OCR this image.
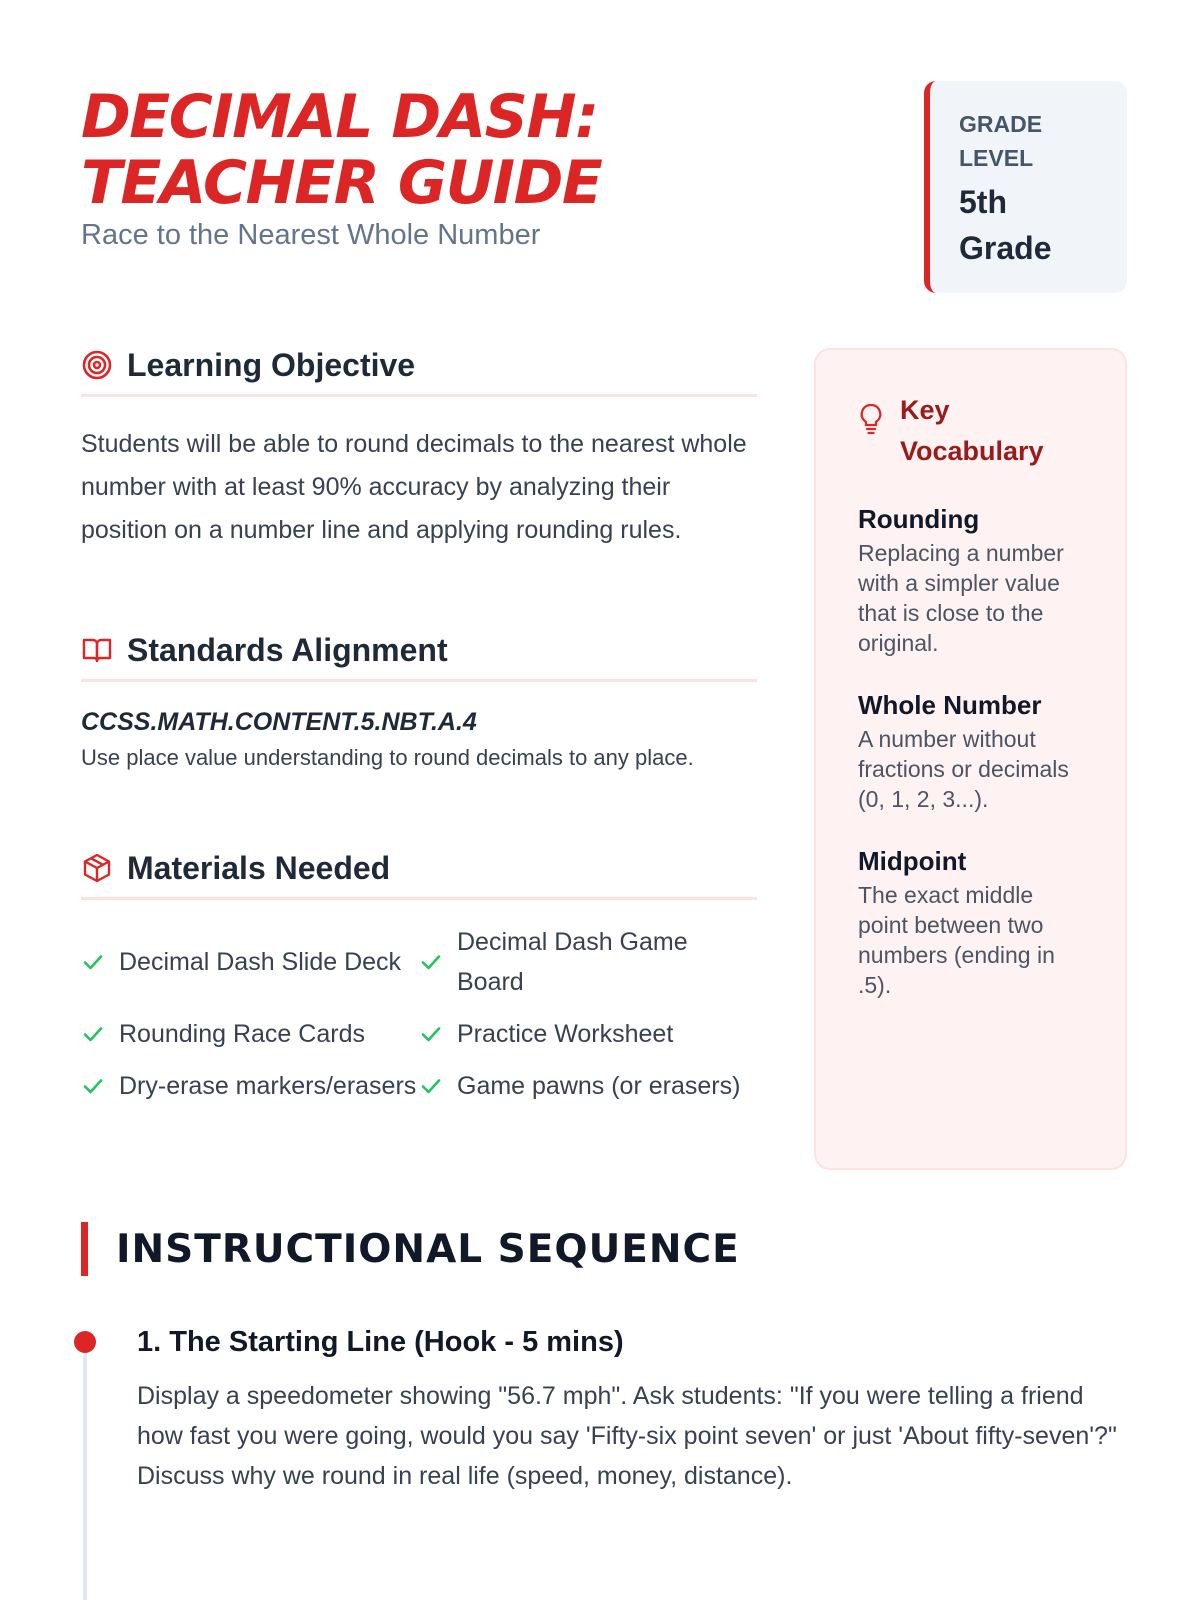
DECIMAL DASH: TEACHER GUIDE
Race to the Nearest Whole Number
GRADE LEVEL
5th Grade
Learning Objective
Students will be able to round decimals to the nearest whole number with at least 90% accuracy by analyzing their position on a number line and applying rounding rules.
Standards Alignment
CCSS.MATH.CONTENT.5.NBT.A.4
Use place value understanding to round decimals to any place.
Materials Needed
Decimal Dash Slide Deck
Decimal Dash Game Board
Rounding Race Cards	Practice Worksheet
Dry-erase markers/erasers Game pawns (or erasers)
Key Vocabulary
Rounding
Replacing a number with a simpler value that is close to the original.
Whole Number
A number without fractions or decimals (0, 1, 2, 3...).
Midpoint
The exact middle point between two numbers (ending in .5).
INSTRUCTIONAL SEQUENCE
1. The Starting Line (Hook - 5 mins)
Display a speedometer showing "56.7 mph". Ask students: "If you were telling a friend how fast you were going, would you say 'Fifty-six point seven' or just 'About fifty-seven'?" Discuss why we round in real life (speed, money, distance).
